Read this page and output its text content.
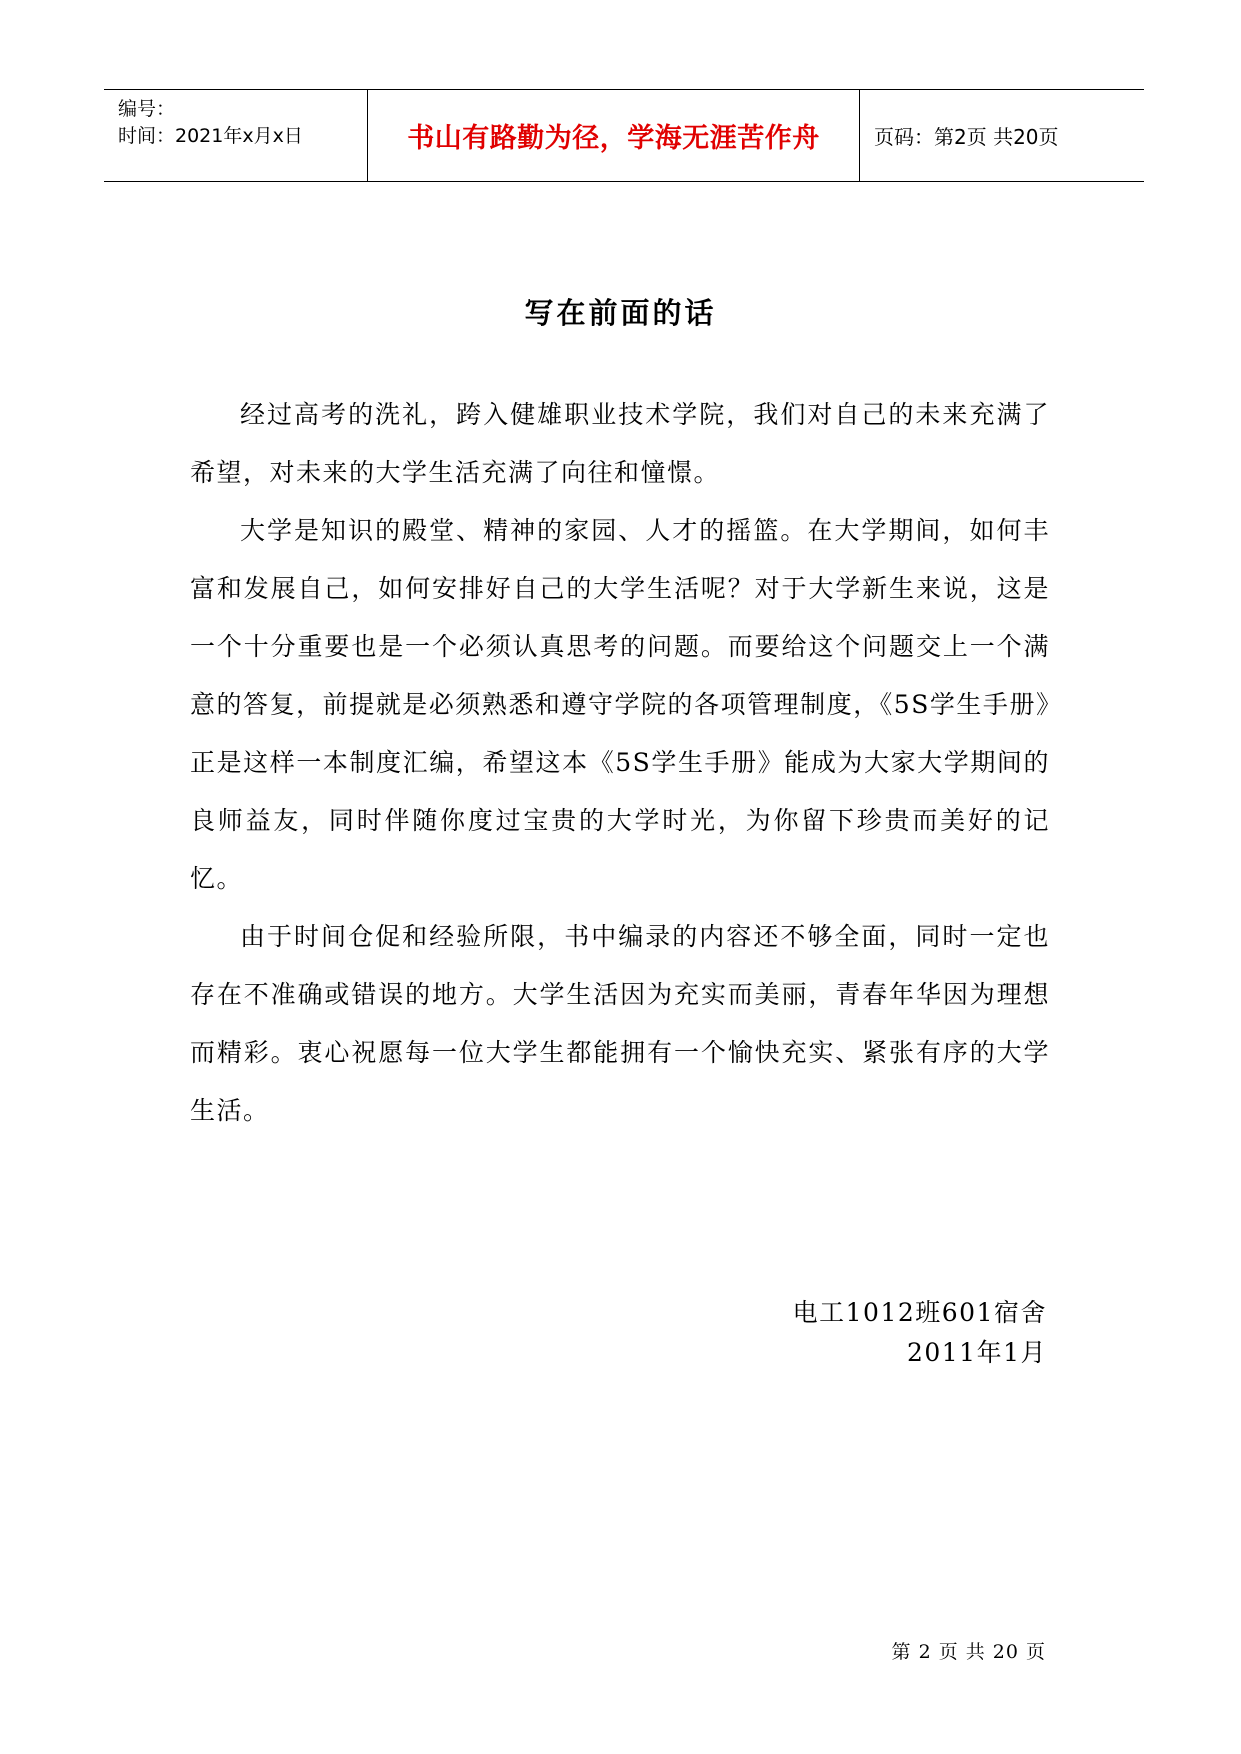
编号：
时间：2021年x月x日	书山有路勤为径，学海无涯苦作舟	页码：第2页 共20页
写在前面的话

经过高考的洗礼，跨入健雄职业技术学院，我们对自己的未来充满了希望，对未来的大学生活充满了向往和憧憬。

大学是知识的殿堂、精神的家园、人才的摇篮。在大学期间，如何丰富和发展自己，如何安排好自己的大学生活呢？对于大学新生来说，这是一个十分重要也是一个必须认真思考的问题。而要给这个问题交上一个满意的答复，前提就是必须熟悉和遵守学院的各项管理制度，《5S学生手册》正是这样一本制度汇编，希望这本《5S学生手册》能成为大家大学期间的良师益友，同时伴随你度过宝贵的大学时光，为你留下珍贵而美好的记忆。

由于时间仓促和经验所限，书中编录的内容还不够全面，同时一定也存在不准确或错误的地方。大学生活因为充实而美丽，青春年华因为理想而精彩。衷心祝愿每一位大学生都能拥有一个愉快充实、紧张有序的大学生活。

电工1012班601宿舍
2011年1月
第 2 页 共 20 页
